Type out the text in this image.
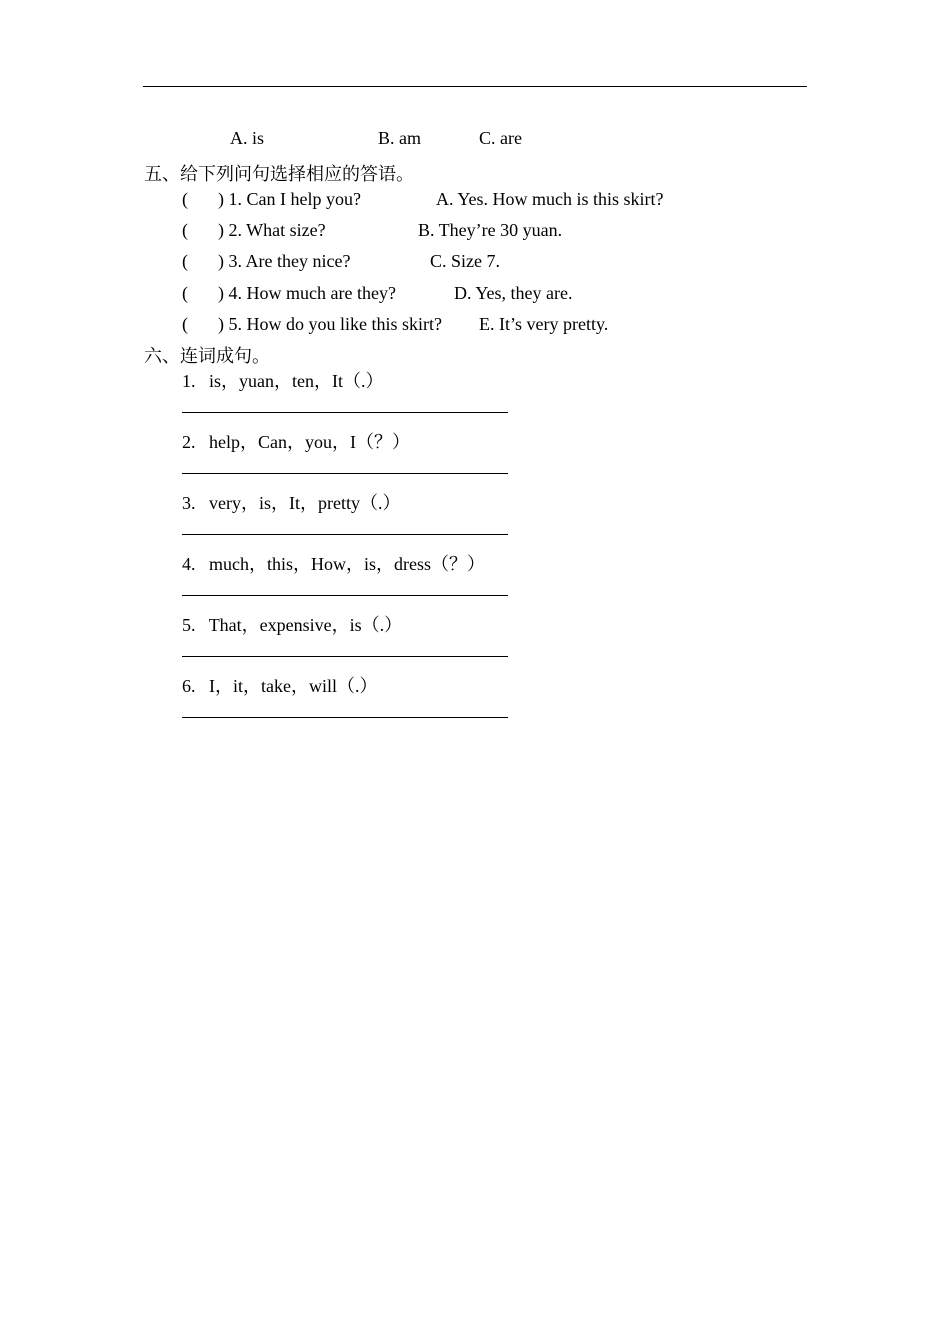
A. is	B. am	C. are
五、给下列问句选择相应的答语。
( ) 1. Can I help you?	A. Yes. How much is this skirt?
( ) 2. What size?	B. They’re 30 yuan.
( ) 3. Are they nice?	C. Size 7.
( ) 4. How much are they?	D. Yes, they are.
( ) 5. How do you like this skirt? E. It’s very pretty.
六、连词成句。
1. is，yuan，ten，It（.）
2. help，Can，you，I（？）
3. very，is，It，pretty（.）
4. much，this，How，is，dress（？）
5. That，expensive，is（.）
6. I，it，take，will（.）
